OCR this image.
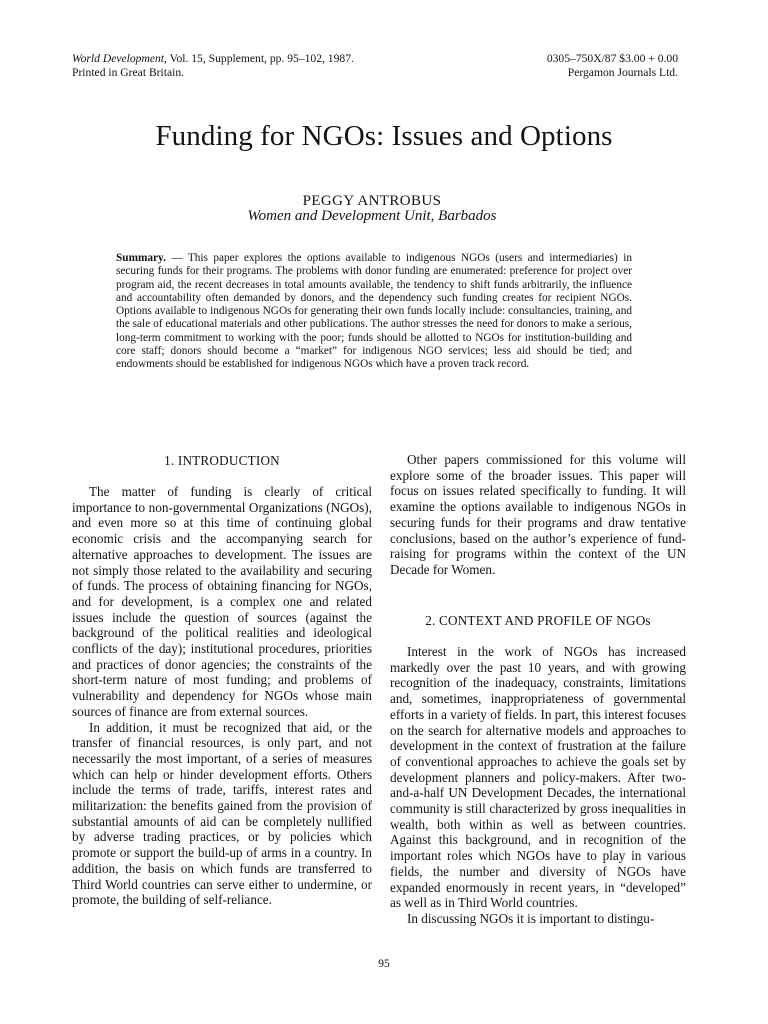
World Development, Vol. 15, Supplement, pp. 95–102, 1987.
Printed in Great Britain.
0305–750X/87 $3.00 + 0.00
Pergamon Journals Ltd.
Funding for NGOs: Issues and Options
PEGGY ANTROBUS
Women and Development Unit, Barbados
Summary. — This paper explores the options available to indigenous NGOs (users and intermediaries) in securing funds for their programs. The problems with donor funding are enumerated: preference for project over program aid, the recent decreases in total amounts available, the tendency to shift funds arbitrarily, the influence and accountability often demanded by donors, and the dependency such funding creates for recipient NGOs. Options available to indigenous NGOs for generating their own funds locally include: consultancies, training, and the sale of educational materials and other publications. The author stresses the need for donors to make a serious, long-term commitment to working with the poor; funds should be allotted to NGOs for institution-building and core staff; donors should become a “market” for indigenous NGO services; less aid should be tied; and endowments should be established for indigenous NGOs which have a proven track record.
1. INTRODUCTION

The matter of funding is clearly of critical importance to non-governmental Organizations (NGOs), and even more so at this time of continuing global economic crisis and the accompanying search for alternative approaches to development. The issues are not simply those related to the availability and securing of funds. The process of obtaining financing for NGOs, and for development, is a complex one and related issues include the question of sources (against the background of the political realities and ideological conflicts of the day); institutional procedures, priorities and practices of donor agencies; the constraints of the short-term nature of most funding; and problems of vulnerability and dependency for NGOs whose main sources of finance are from external sources.

In addition, it must be recognized that aid, or the transfer of financial resources, is only part, and not necessarily the most important, of a series of measures which can help or hinder development efforts. Others include the terms of trade, tariffs, interest rates and militarization: the benefits gained from the provision of substantial amounts of aid can be completely nullified by adverse trading practices, or by policies which promote or support the build-up of arms in a country. In addition, the basis on which funds are transferred to Third World countries can serve either to undermine, or promote, the building of self-reliance.

Other papers commissioned for this volume will explore some of the broader issues. This paper will focus on issues related specifically to funding. It will examine the options available to indigenous NGOs in securing funds for their programs and draw tentative conclusions, based on the author’s experience of fund-raising for programs within the context of the UN Decade for Women.

2. CONTEXT AND PROFILE OF NGOs

Interest in the work of NGOs has increased markedly over the past 10 years, and with growing recognition of the inadequacy, constraints, limitations and, sometimes, inappropriateness of governmental efforts in a variety of fields. In part, this interest focuses on the search for alternative models and approaches to development in the context of frustration at the failure of conventional approaches to achieve the goals set by development planners and policy-makers. After two-and-a-half UN Development Decades, the international community is still characterized by gross inequalities in wealth, both within as well as between countries. Against this background, and in recognition of the important roles which NGOs have to play in various fields, the number and diversity of NGOs have expanded enormously in recent years, in “developed” as well as in Third World countries.

In discussing NGOs it is important to distingu-

95
